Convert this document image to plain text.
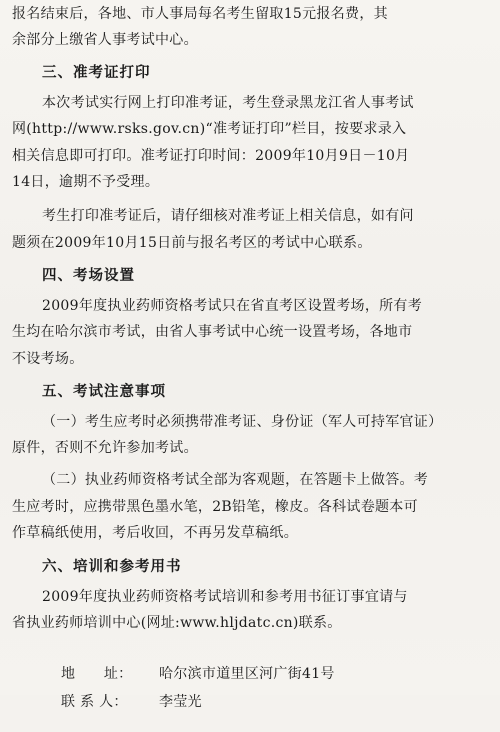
报名结束后，各地、市人事局每名考生留取15元报名费，其
余部分上缴省人事考试中心。
三、准考证打印
本次考试实行网上打印准考证，考生登录黑龙江省人事考试
网(http://www.rsks.gov.cn)“准考证打印”栏目，按要求录入
相关信息即可打印。准考证打印时间：2009年10月9日－10月
14日，逾期不予受理。
考生打印准考证后，请仔细核对准考证上相关信息，如有问
题须在2009年10月15日前与报名考区的考试中心联系。
四、考场设置
2009年度执业药师资格考试只在省直考区设置考场，所有考
生均在哈尔滨市考试，由省人事考试中心统一设置考场，各地市
不设考场。
五、考试注意事项
（一）考生应考时必须携带准考证、身份证（军人可持军官证）
原件，否则不允许参加考试。
（二）执业药师资格考试全部为客观题，在答题卡上做答。考
生应考时，应携带黑色墨水笔，2B铅笔，橡皮。各科试卷题本可
作草稿纸使用，考后收回，不再另发草稿纸。
六、培训和参考用书
2009年度执业药师资格考试培训和参考用书征订事宜请与
省执业药师培训中心(网址:www.hljdatc.cn)联系。

地      址： 哈尔滨市道里区河广街41号

联 系 人： 李莹光
